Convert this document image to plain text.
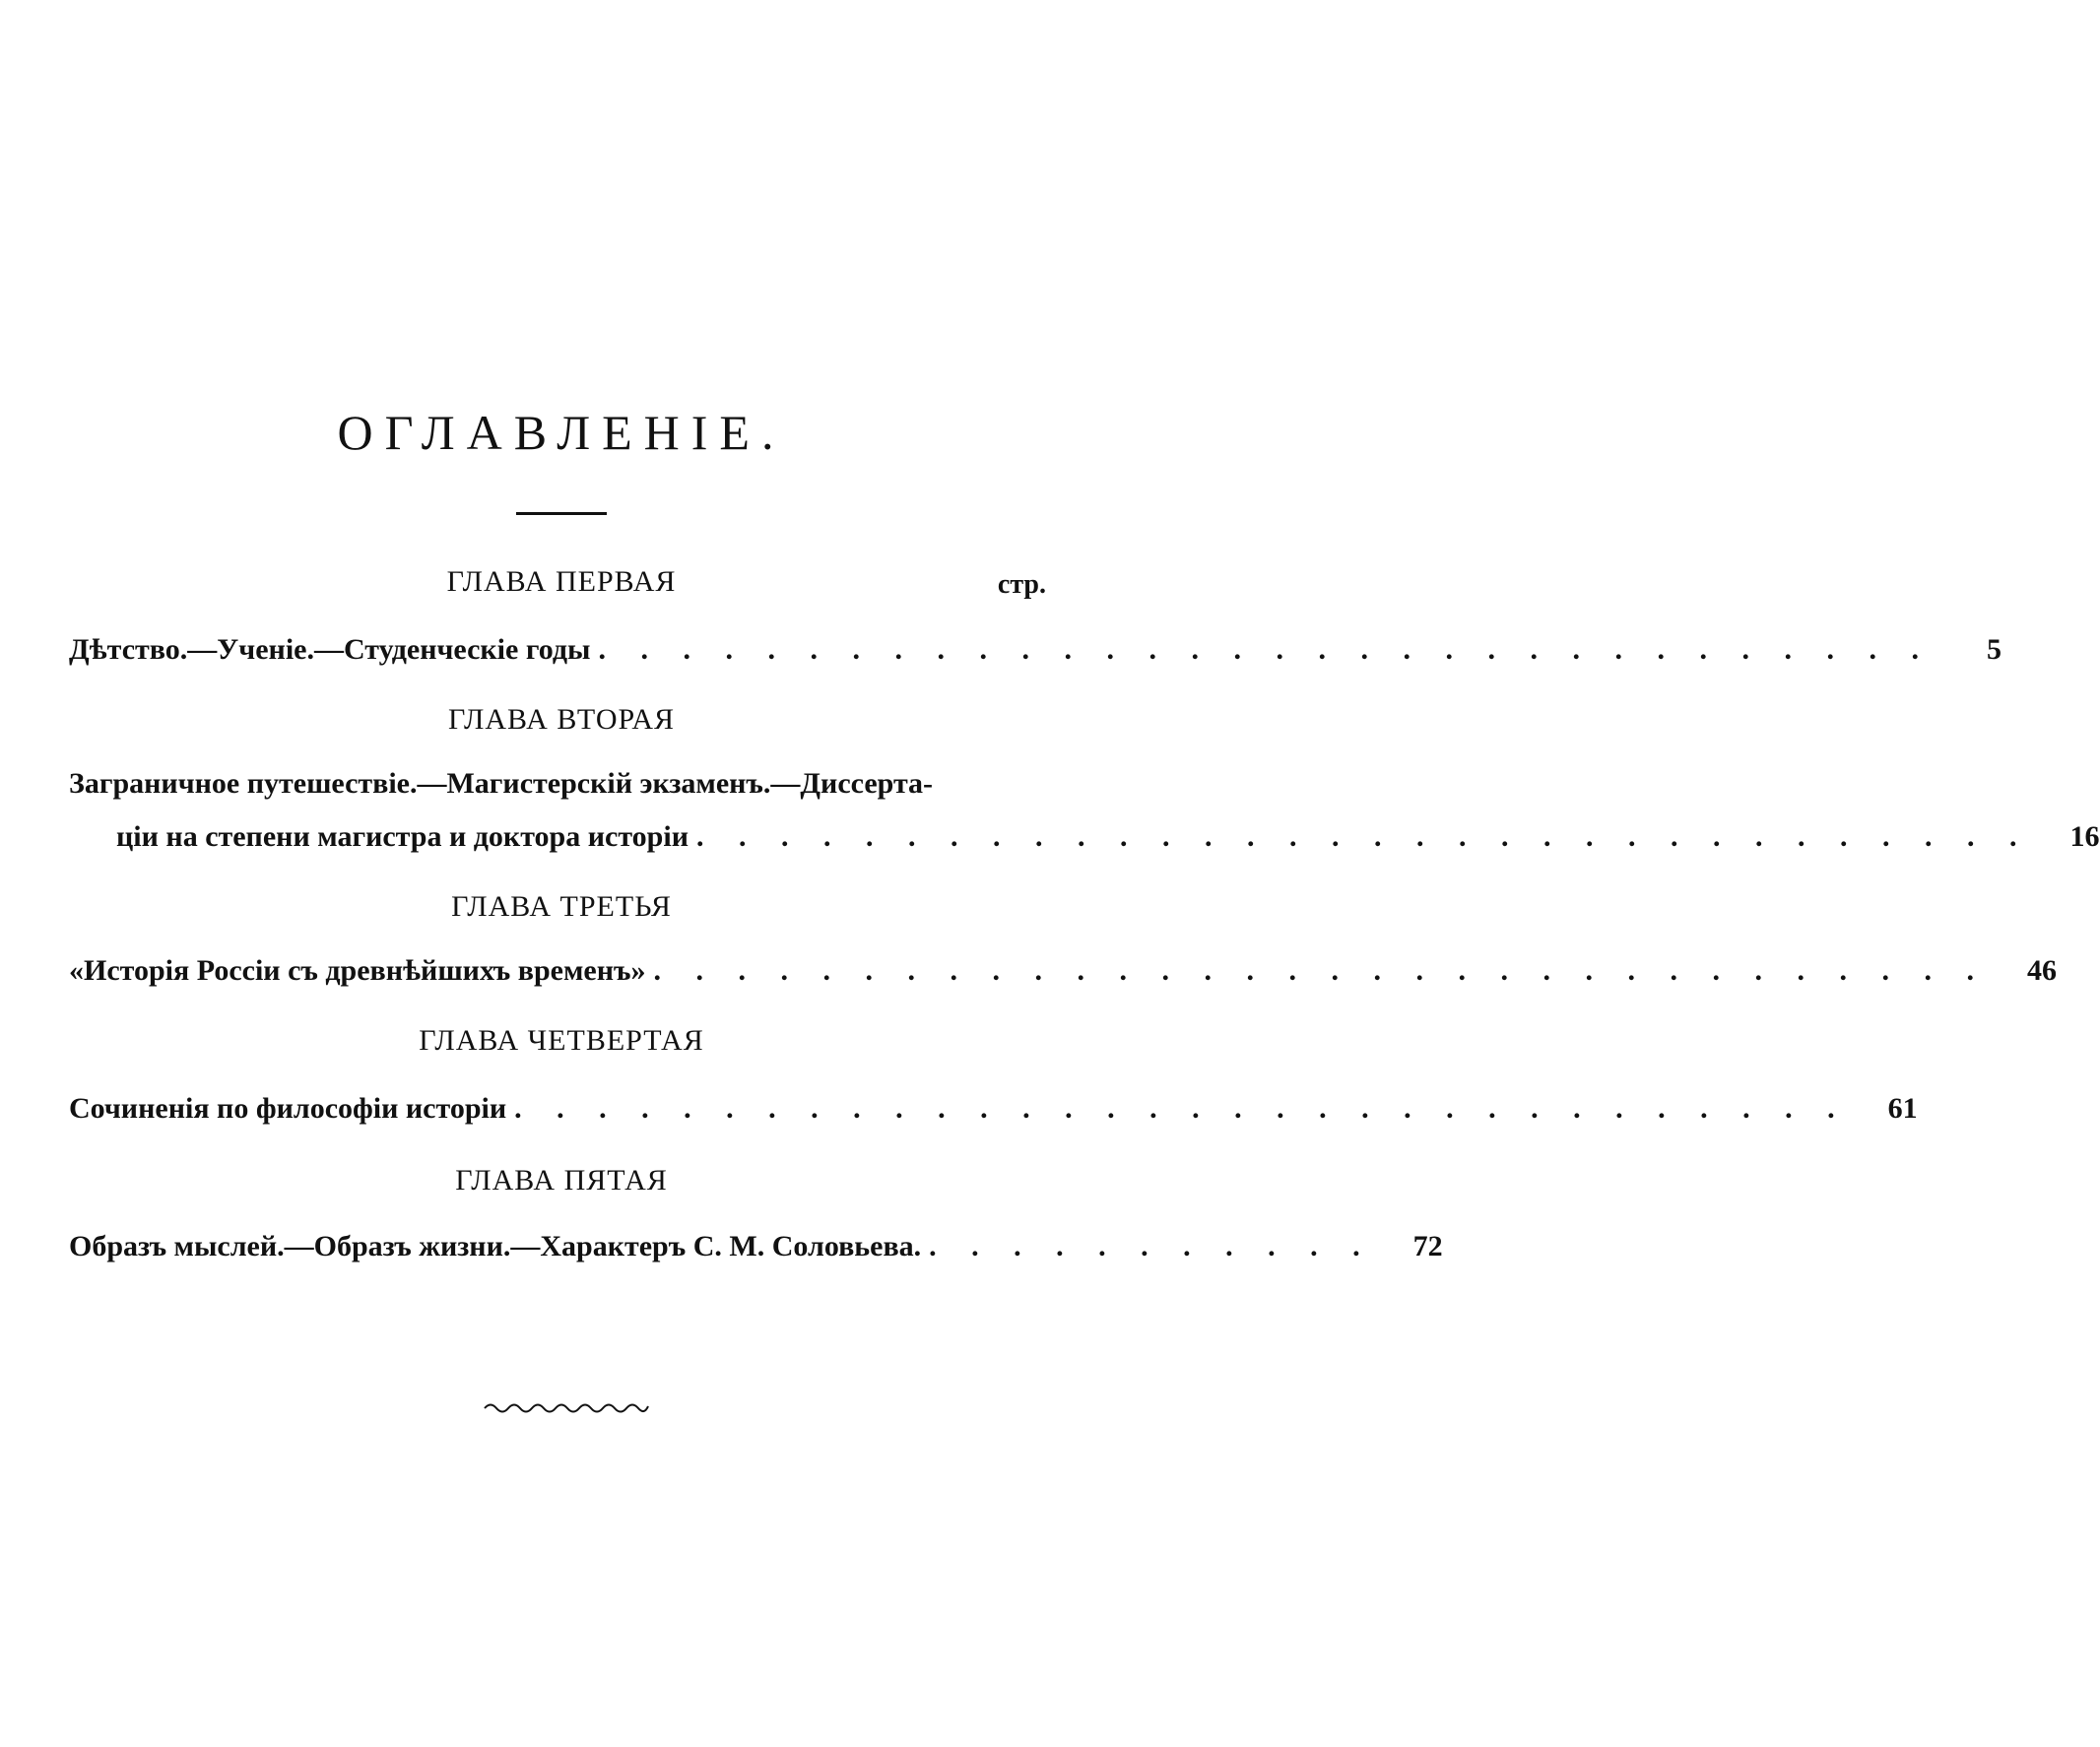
ОГЛАВЛЕНІЕ.
стр.
ГЛАВА ПЕРВАЯ
Дѣтство.—Ученіе.—Студенческіе годы . . . . . . . . . . . . . . . . . . . . . . . . . . . . . . . .	5
ГЛАВА ВТОРАЯ
Заграничное путешествіе.—Магистерскій экзаменъ.—Диссерта-
ціи на степени магистра и доктора исторіи . . . . . . . . . . . . . . . . . . . . . . . . . . . . . . . .	16
ГЛАВА ТРЕТЬЯ
«Исторія Россіи съ древнѣйшихъ временъ» . . . . . . . . . . . . . . . . . . . . . . . . . . . . . . . .	46
ГЛАВА ЧЕТВЕРТАЯ
Сочиненія по философіи исторіи . . . . . . . . . . . . . . . . . . . . . . . . . . . . . . . .	61
ГЛАВА ПЯТАЯ
Образъ мыслей.—Образъ жизни.—Характеръ С. М. Соловьева. . . . . . . . . . . .	72
